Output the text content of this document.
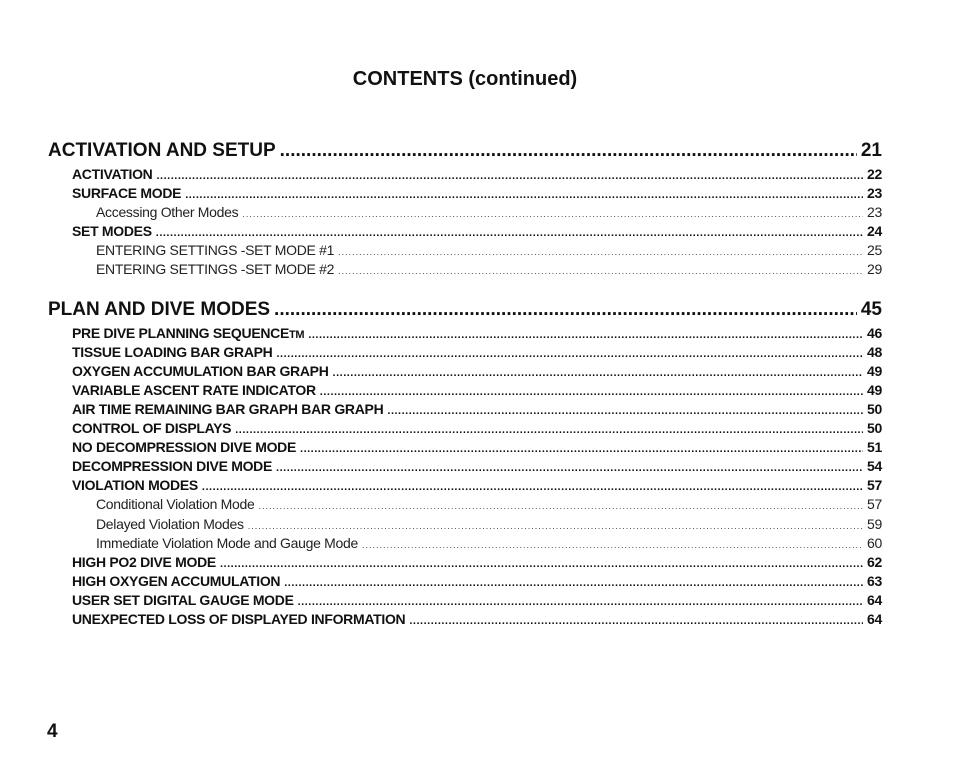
CONTENTS (continued)
ACTIVATION AND SETUP .....	21
ACTIVATION .....	22
SURFACE MODE .....	23
Accessing Other Modes .....	23
SET MODES .....	24
ENTERING SETTINGS -SET MODE #1 .....	25
ENTERING SETTINGS -SET MODE #2 .....	29
PLAN AND DIVE MODES .....	45
PRE DIVE PLANNING SEQUENCE TM .....	46
TISSUE LOADING BAR GRAPH .....	48
OXYGEN ACCUMULATION BAR GRAPH .....	49
VARIABLE ASCENT RATE INDICATOR .....	49
AIR TIME REMAINING BAR GRAPH BAR GRAPH .....	50
CONTROL OF DISPLAYS .....	50
NO DECOMPRESSION DIVE MODE .....	51
DECOMPRESSION DIVE MODE .....	54
VIOLATION MODES .....	57
Conditional Violation Mode .....	57
Delayed Violation Modes .....	59
Immediate Violation Mode and Gauge Mode .....	60
HIGH PO2 DIVE MODE .....	62
HIGH OXYGEN ACCUMULATION .....	63
USER SET DIGITAL GAUGE MODE .....	64
UNEXPECTED LOSS OF DISPLAYED INFORMATION .....	64
4
